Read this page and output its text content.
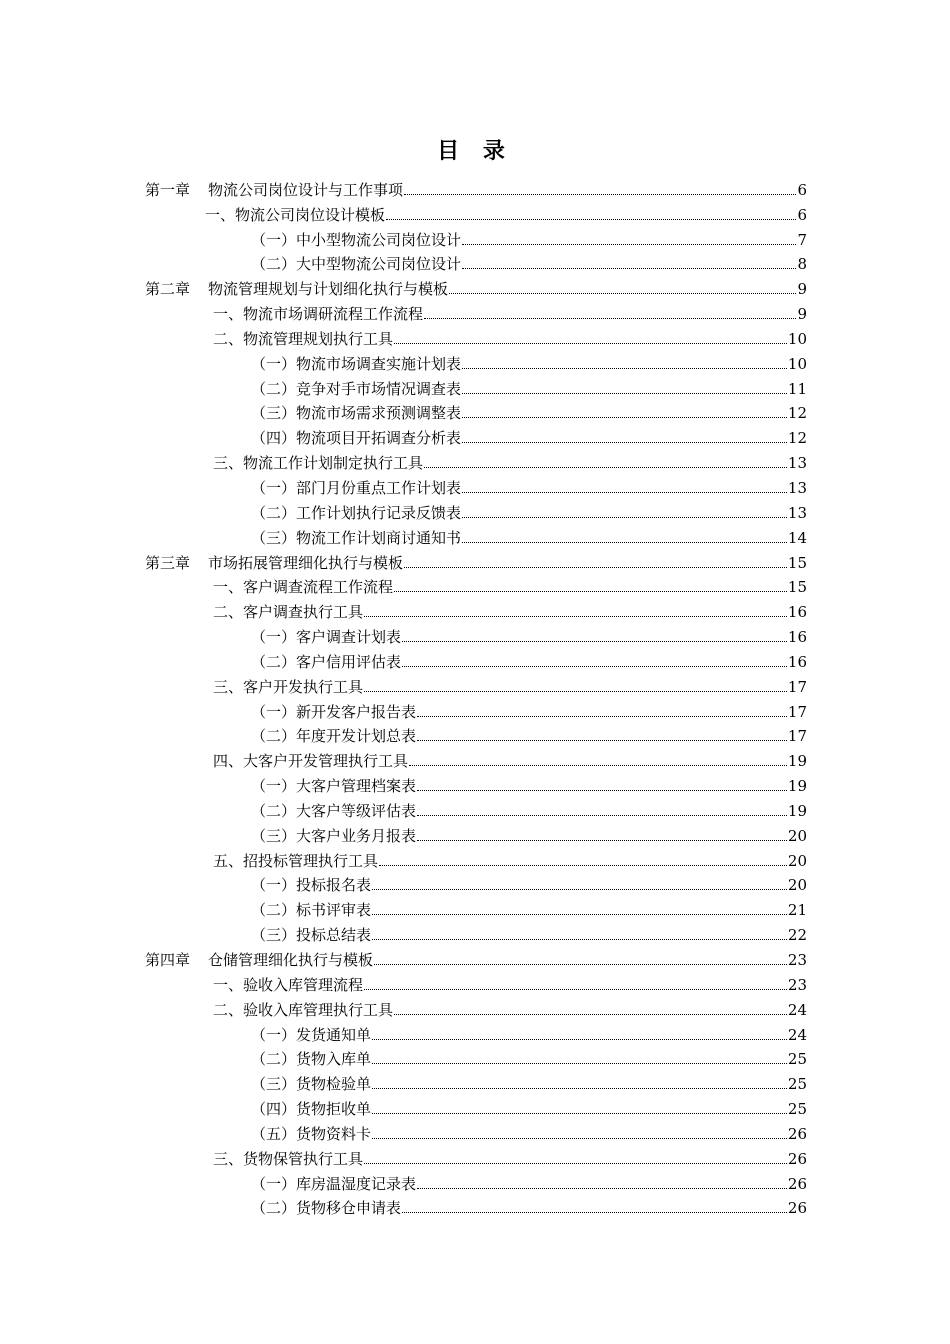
目 录
第一章 物流公司岗位设计与工作事项	6
一、物流公司岗位设计模板	6
（一）中小型物流公司岗位设计	7
（二）大中型物流公司岗位设计	8
第二章 物流管理规划与计划细化执行与模板	9
一、物流市场调研流程工作流程	9
二、物流管理规划执行工具	10
（一）物流市场调查实施计划表	10
（二）竞争对手市场情况调查表	11
（三）物流市场需求预测调整表	12
（四）物流项目开拓调查分析表	12
三、物流工作计划制定执行工具	13
（一）部门月份重点工作计划表	13
（二）工作计划执行记录反馈表	13
（三）物流工作计划商讨通知书	14
第三章 市场拓展管理细化执行与模板	15
一、客户调查流程工作流程	15
二、客户调查执行工具	16
（一）客户调查计划表	16
（二）客户信用评估表	16
三、客户开发执行工具	17
（一）新开发客户报告表	17
（二）年度开发计划总表	17
四、大客户开发管理执行工具	19
（一）大客户管理档案表	19
（二）大客户等级评估表	19
（三）大客户业务月报表	20
五、招投标管理执行工具	20
（一）投标报名表	20
（二）标书评审表	21
（三）投标总结表	22
第四章 仓储管理细化执行与模板	23
一、验收入库管理流程	23
二、验收入库管理执行工具	24
（一）发货通知单	24
（二）货物入库单	25
（三）货物检验单	25
（四）货物拒收单	25
（五）货物资料卡	26
三、货物保管执行工具	26
（一）库房温湿度记录表	26
（二）货物移仓申请表	26
